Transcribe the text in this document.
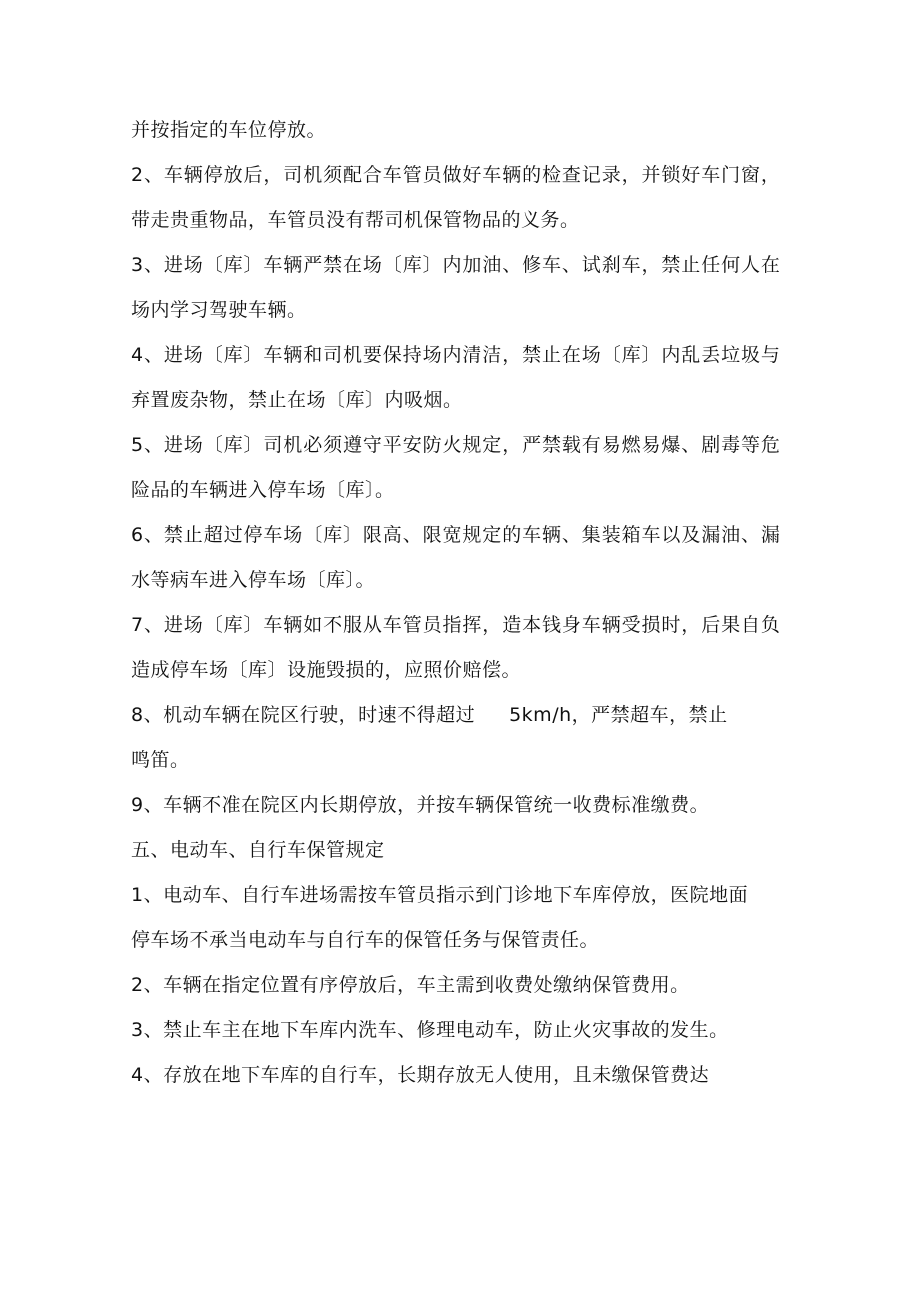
并按指定的车位停放。
2、车辆停放后，司机须配合车管员做好车辆的检查记录，并锁好车门窗，
带走贵重物品，车管员没有帮司机保管物品的义务。
3、进场〔库〕车辆严禁在场〔库〕内加油、修车、试刹车，禁止任何人在
场内学习驾驶车辆。
4、进场〔库〕车辆和司机要保持场内清洁，禁止在场〔库〕内乱丢垃圾与
弃置废杂物，禁止在场〔库〕内吸烟。
5、进场〔库〕司机必须遵守平安防火规定，严禁载有易燃易爆、剧毒等危
险品的车辆进入停车场〔库〕。
6、禁止超过停车场〔库〕限高、限宽规定的车辆、集装箱车以及漏油、漏
水等病车进入停车场〔库〕。
7、进场〔库〕车辆如不服从车管员指挥，造本钱身车辆受损时，后果自负
造成停车场〔库〕设施毁损的，应照价赔偿。
8、机动车辆在院区行驶，时速不得超过 5km/h，严禁超车，禁止
鸣笛。
9、车辆不准在院区内长期停放，并按车辆保管统一收费标准缴费。
五、电动车、自行车保管规定
1、电动车、自行车进场需按车管员指示到门诊地下车库停放，医院地面
停车场不承当电动车与自行车的保管任务与保管责任。
2、车辆在指定位置有序停放后，车主需到收费处缴纳保管费用。
3、禁止车主在地下车库内洗车、修理电动车，防止火灾事故的发生。
4、存放在地下车库的自行车，长期存放无人使用，且未缴保管费达
